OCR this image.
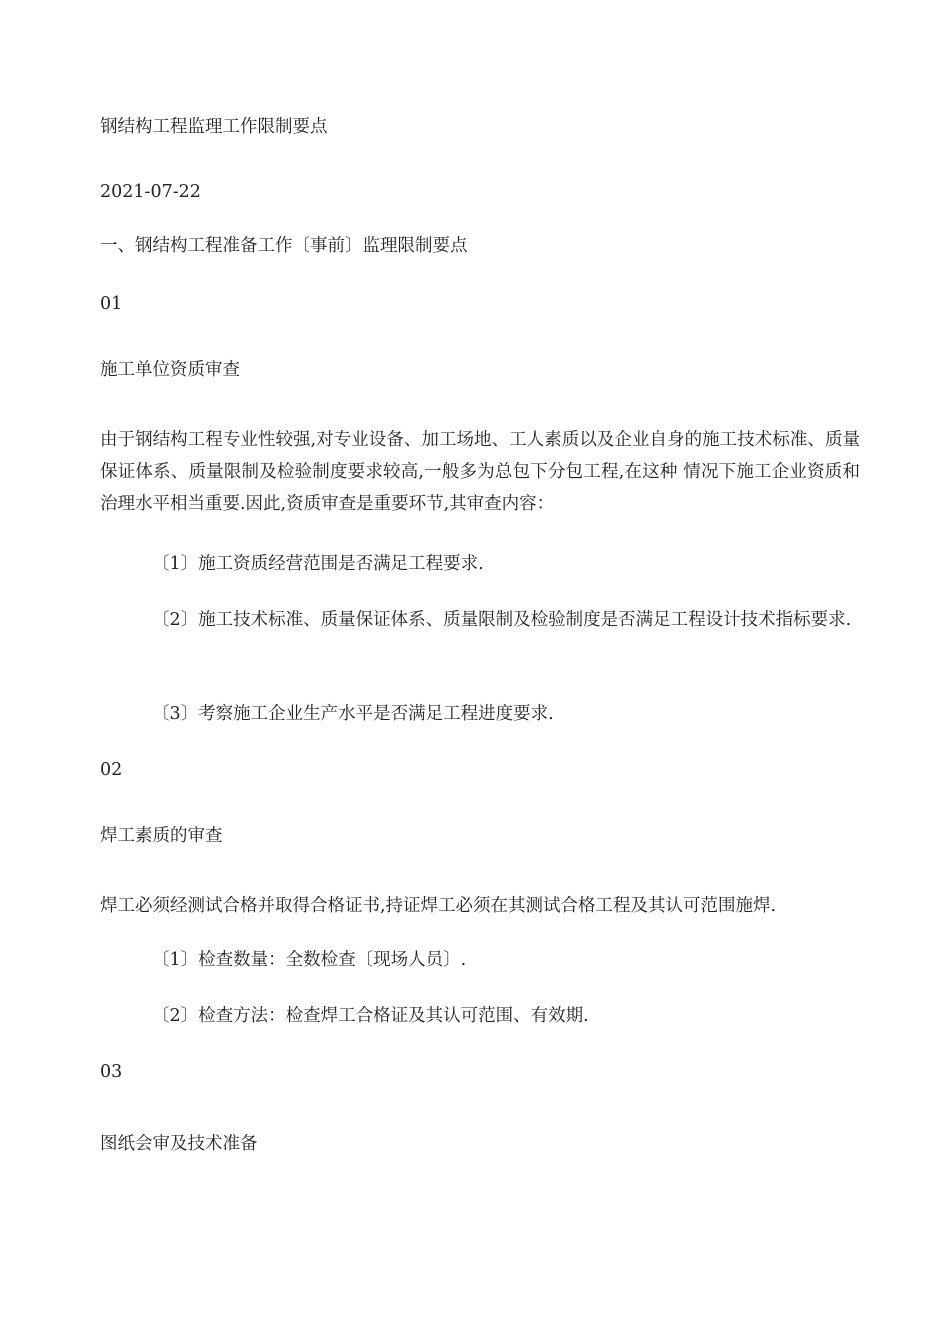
钢结构工程监理工作限制要点

2021-07-22

一、钢结构工程准备工作〔事前〕监理限制要点

01

施工单位资质审查

由于钢结构工程专业性较强,对专业设备、加工场地、工人素质以及企业自身的施工技术标准、质量保证体系、质量限制及检验制度要求较高,一般多为总包下分包工程,在这种 情况下施工企业资质和治理水平相当重要.因此,资质审查是重要环节,其审查内容：

〔1〕施工资质经营范围是否满足工程要求.

〔2〕施工技术标准、质量保证体系、质量限制及检验制度是否满足工程设计技术指标要求.

〔3〕考察施工企业生产水平是否满足工程进度要求.

02

焊工素质的审查

焊工必须经测试合格并取得合格证书,持证焊工必须在其测试合格工程及其认可范围施焊.

〔1〕检查数量：全数检查〔现场人员〕.

〔2〕检查方法：检查焊工合格证及其认可范围、有效期.

03

图纸会审及技术准备
